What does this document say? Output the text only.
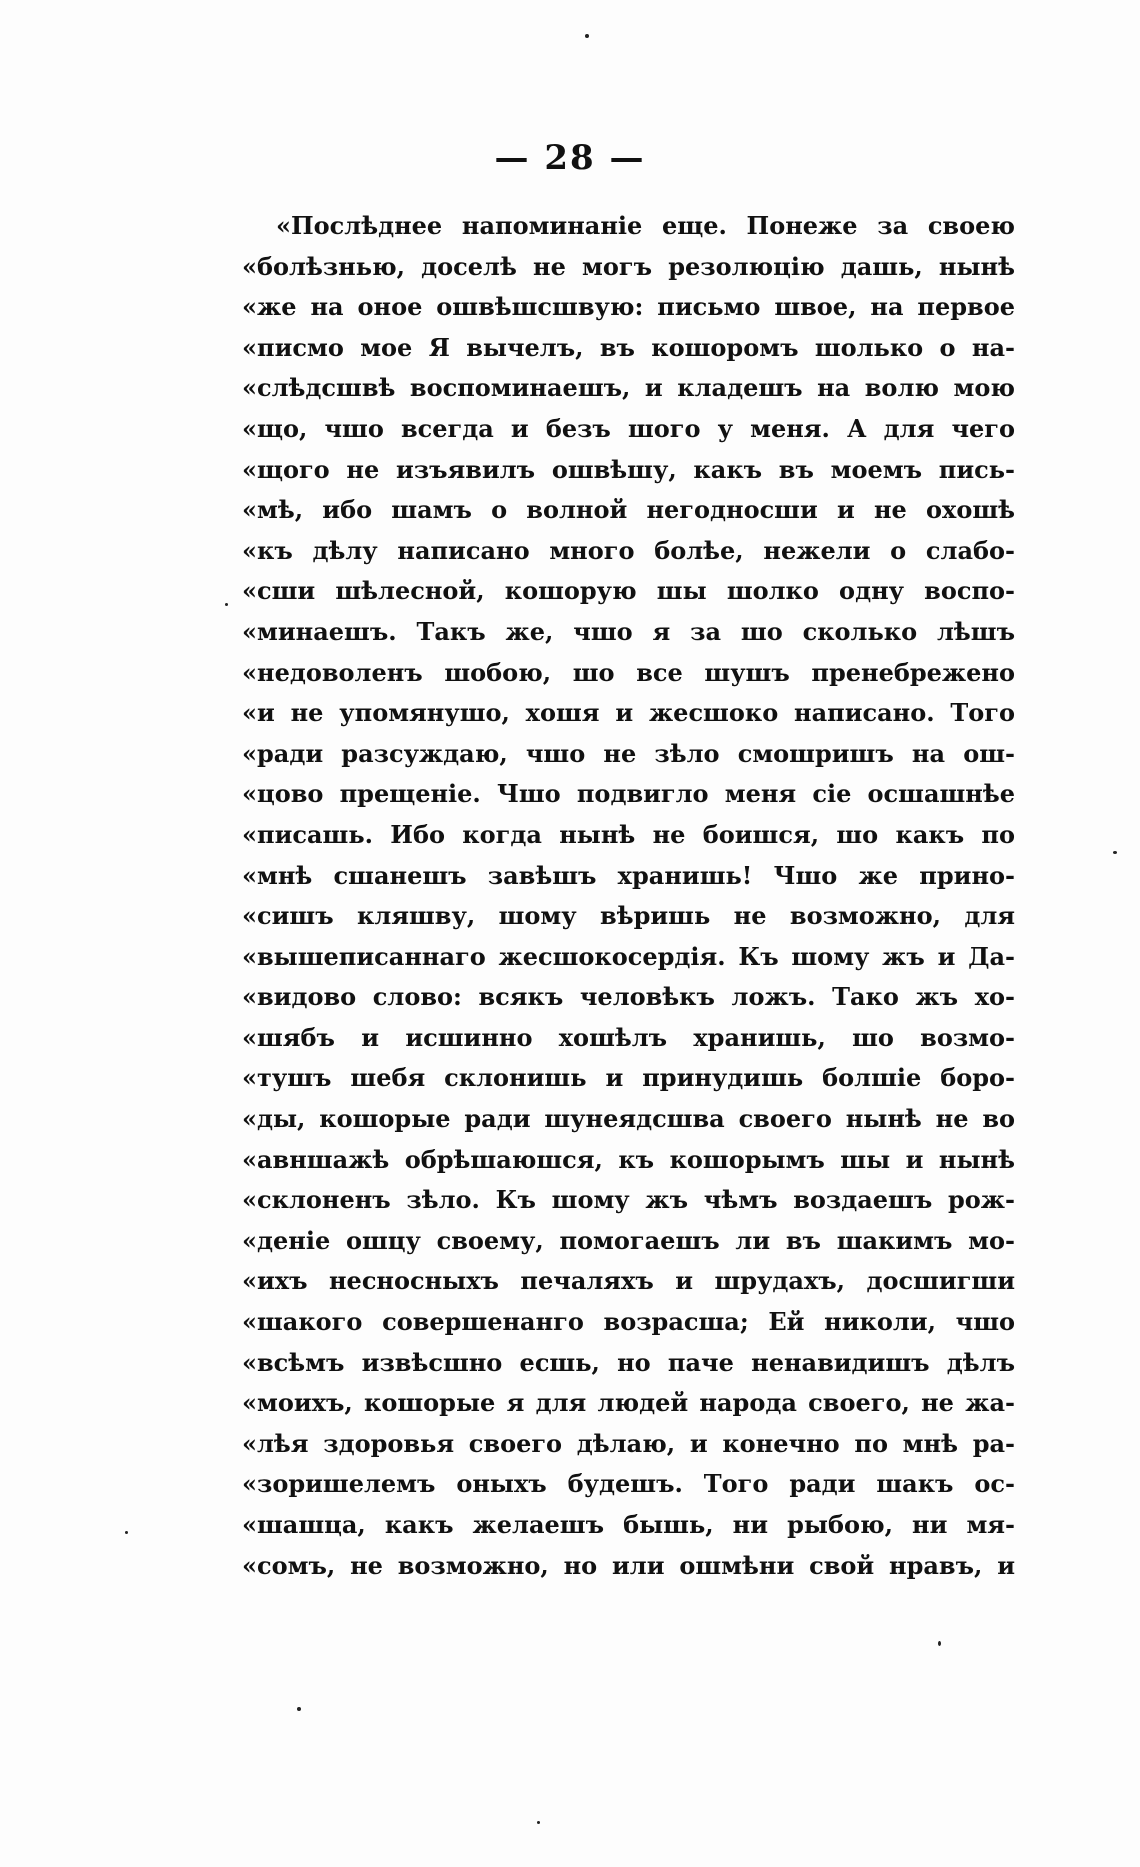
— 28 —
«Послѣднее напоминаніе еще. Понеже за своею
«болѣзнью, доселѣ не могъ резолюцію дашь, нынѣ
«же на оное ошвѣшсшвую: письмо швое, на первое
«писмо мое Я вычелъ, въ кошоромъ шолько о на-
«слѣдсшвѣ воспоминаешъ, и кладешъ на волю мою
«що, чшо всегда и безъ шого у меня. А для чего
«щого не изъявилъ ошвѣшу, какъ въ моемъ пись-
«мѣ, ибо шамъ о волной негодносши и не охошѣ
«къ дѣлу написано много болѣе, нежели о слабо-
«сши шѣлесной, кошорую шы шолко одну воспо-
«минаешъ. Такъ же, чшо я за шо сколько лѣшъ
«недоволенъ шобою, шо все шушъ пренебрежено
«и не упомянушо, хошя и жесшоко написано. Того
«ради разсуждаю, чшо не зѣло смошришъ на ош-
«цово прещеніе. Чшо подвигло меня сіе осшашнѣе
«писашь. Ибо когда нынѣ не боишся, шо какъ по
«мнѣ сшанешъ завѣшъ хранишь! Чшо же прино-
«сишъ кляшву, шому вѣришь не возможно, для
«вышеписаннаго жесшокосердія. Къ шому жъ и Да-
«видово слово: всякъ человѣкъ ложъ. Тако жъ хо-
«шябъ и исшинно хошѣлъ хранишь, шо возмо-
«тушъ шебя склонишь и принудишь болшіе боро-
«ды, кошорые ради шунеядсшва своего нынѣ не во
«авншажѣ обрѣшаюшся, къ кошорымъ шы и нынѣ
«склоненъ зѣло. Къ шому жъ чѣмъ воздаешъ рож-
«деніе ошцу своему, помогаешъ ли въ шакимъ мо-
«ихъ несносныхъ печаляхъ и шрудахъ, досшигши
«шакого совершенанго возрасша; Ей николи, чшо
«всѣмъ извѣсшно есшь, но паче ненавидишъ дѣлъ
«моихъ, кошорые я для людей народа своего, не жа-
«лѣя здоровья своего дѣлаю, и конечно по мнѣ ра-
«зоришелемъ оныхъ будешъ. Того ради шакъ ос-
«шашца, какъ желаешъ бышь, ни рыбою, ни мя-
«сомъ, не возможно, но или ошмѣни свой нравъ, и
